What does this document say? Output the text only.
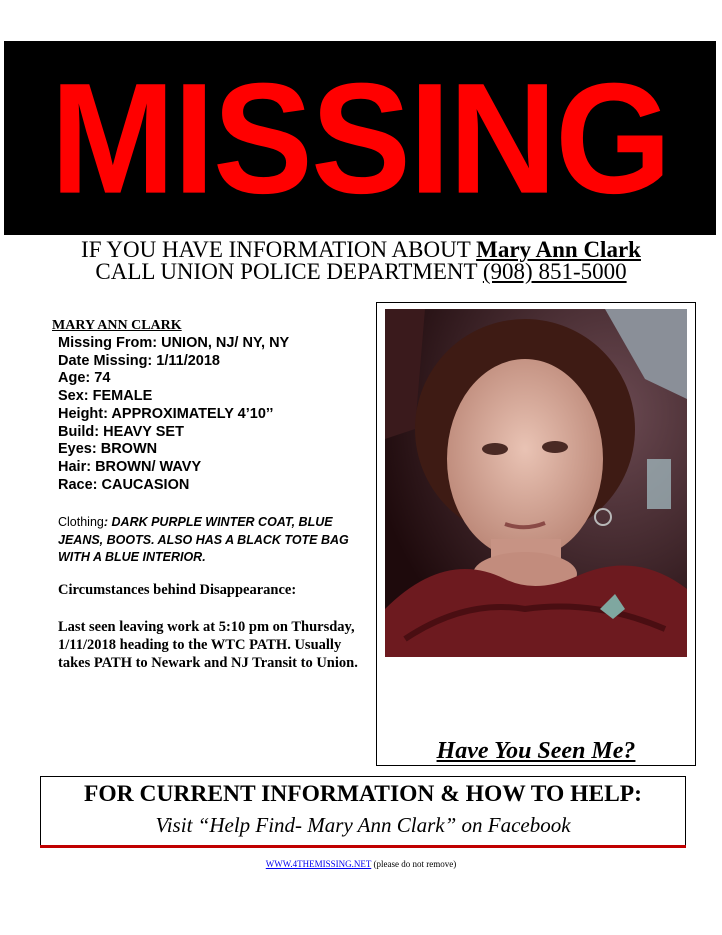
MISSING
IF YOU HAVE INFORMATION ABOUT Mary Ann Clark
CALL UNION POLICE DEPARTMENT (908) 851-5000
MARY ANN CLARK
Missing From: UNION, NJ/ NY, NY
Date Missing: 1/11/2018
Age: 74
Sex: FEMALE
Height: APPROXIMATELY 4’10’’
Build: HEAVY SET
Eyes: BROWN
Hair: BROWN/ WAVY
Race: CAUCASION
Clothing: DARK PURPLE WINTER COAT, BLUE JEANS, BOOTS. ALSO HAS A BLACK TOTE BAG WITH A BLUE INTERIOR.
Circumstances behind Disappearance:
Last seen leaving work at 5:10 pm on Thursday, 1/11/2018 heading to the WTC PATH. Usually takes PATH to Newark and NJ Transit to Union.
Have You Seen Me?
FOR CURRENT INFORMATION & HOW TO HELP:
Visit “Help Find- Mary Ann Clark” on Facebook
WWW.4THEMISSING.NET (please do not remove)
